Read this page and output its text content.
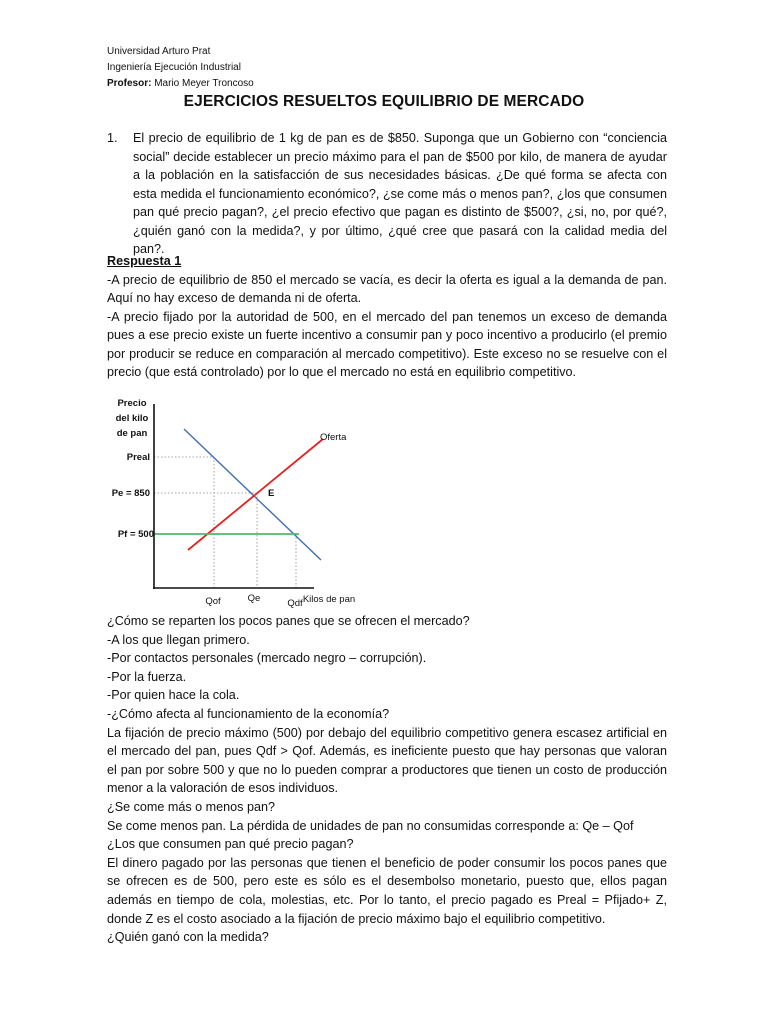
Universidad Arturo Prat
Ingeniería Ejecución Industrial
Profesor: Mario Meyer Troncoso
EJERCICIOS RESUELTOS EQUILIBRIO DE MERCADO
1. El precio de equilibrio de 1 kg de pan es de $850. Suponga que un Gobierno con “conciencia social” decide establecer un precio máximo para el pan de $500 por kilo, de manera de ayudar a la población en la satisfacción de sus necesidades básicas. ¿De qué forma se afecta con esta medida el funcionamiento económico?, ¿se come más o menos pan?, ¿los que consumen pan qué precio pagan?, ¿el precio efectivo que pagan es distinto de $500?, ¿si, no, por qué?, ¿quién ganó con la medida?, y por último, ¿qué cree que pasará con la calidad media del pan?.
Respuesta 1

-A precio de equilibrio de 850 el mercado se vacía, es decir la oferta es igual a la demanda de pan. Aquí no hay exceso de demanda ni de oferta.

-A precio fijado por la autoridad de 500, en el mercado del pan tenemos un exceso de demanda pues a ese precio existe un fuerte incentivo a consumir pan y poco incentivo a producirlo (el premio por producir se reduce en comparación al mercado competitivo). Este exceso no se resuelve con el precio (que está controlado) por lo que el mercado no está en equilibrio competitivo.

Precio
del kilo
de pan
Preal
Pe = 850
Pf = 500
Qof	Qe	Qdf Kilos de pan
Oferta
E

¿Cómo se reparten los pocos panes que se ofrecen el mercado?

-A los que llegan primero.

-Por contactos personales (mercado negro – corrupción).

-Por la fuerza.

-Por quien hace la cola.

-¿Cómo afecta al funcionamiento de la economía?

La fijación de precio máximo (500) por debajo del equilibrio competitivo genera escasez artificial en el mercado del pan, pues Qdf > Qof. Además, es ineficiente puesto que hay personas que valoran el pan por sobre 500 y que no lo pueden comprar a productores que tienen un costo de producción menor a la valoración de esos individuos.

¿Se come más o menos pan?

Se come menos pan. La pérdida de unidades de pan no consumidas corresponde a: Qe – Qof

¿Los que consumen pan qué precio pagan?

El dinero pagado por las personas que tienen el beneficio de poder consumir los pocos panes que se ofrecen es de 500, pero este es sólo es el desembolso monetario, puesto que, ellos pagan además en tiempo de cola, molestias, etc. Por lo tanto, el precio pagado es Preal = Pfijado+ Z, donde Z es el costo asociado a la fijación de precio máximo bajo el equilibrio competitivo.

¿Quién ganó con la medida?
